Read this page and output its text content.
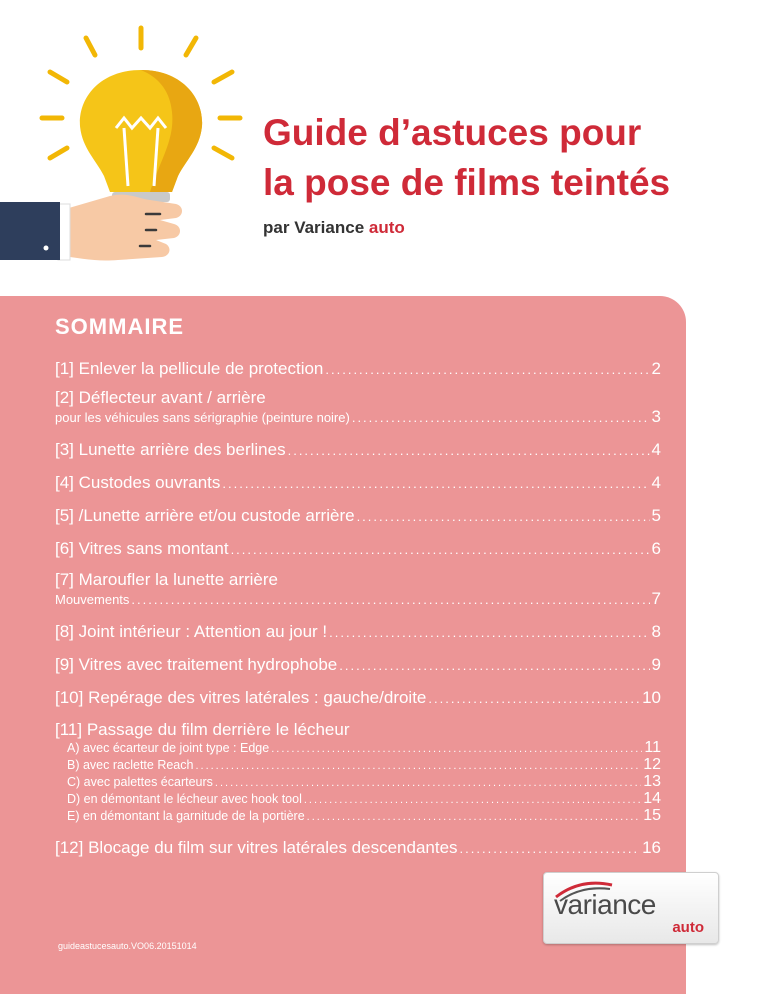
Guide d’astuces pour
la pose de films teintés
par Variance auto
SOMMAIRE
[1] Enlever la pellicule de protection .....	2
[2] Déflecteur avant / arrière
pour les véhicules sans sérigraphie (peinture noire) .....	3
[3] Lunette arrière des berlines .....	4
[4] Custodes ouvrants .....	4
[5] /Lunette arrière et/ou custode arrière .....	5
[6] Vitres sans montant .....	6
[7] Maroufler la lunette arrière
Mouvements .....	7
[8] Joint intérieur : Attention au jour ! .....	8
[9] Vitres avec traitement hydrophobe .....	9
[10] Repérage des vitres latérales : gauche/droite .....	10
[11] Passage du film derrière le lécheur
A) avec écarteur de joint type : Edge .....	11
B) avec raclette Reach .....	12
C) avec palettes écarteurs .....	13
D) en démontant le lécheur avec hook tool .....	14
E) en démontant la garnitude de la portière .....	15
[12] Blocage du film sur vitres latérales descendantes .....	16
variance
auto
guideastucesauto.VO06.20151014
